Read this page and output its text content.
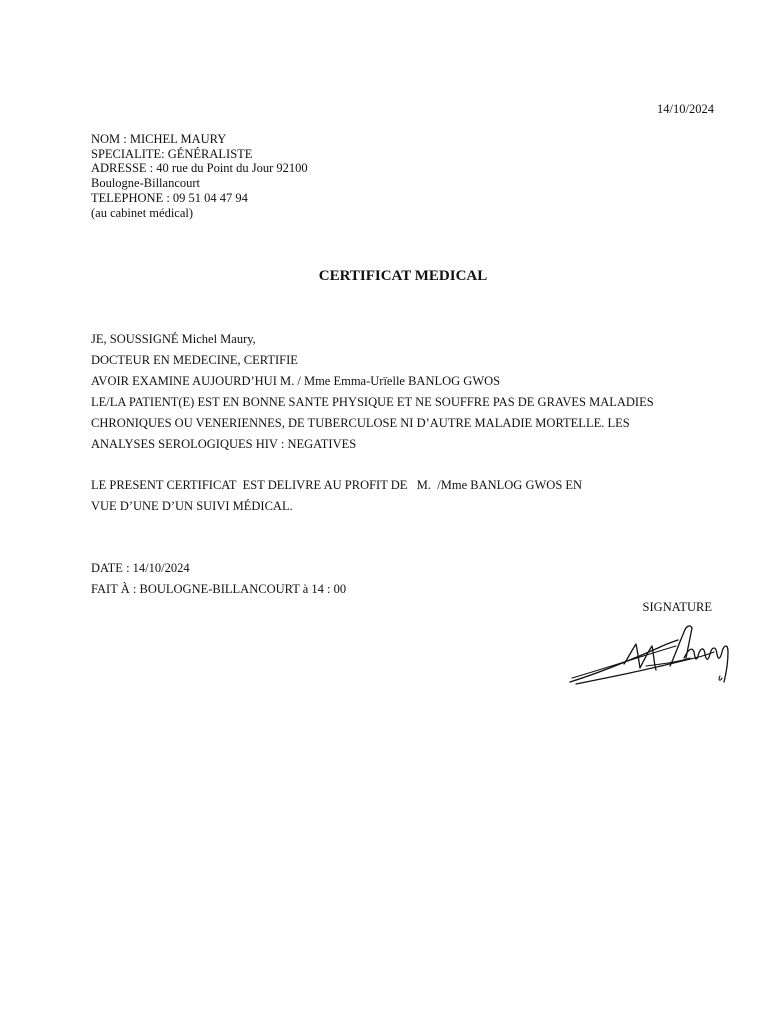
14/10/2024
NOM : MICHEL MAURY
SPECIALITE: GÉNÉRALISTE
ADRESSE : 40 rue du Point du Jour 92100
Boulogne-Billancourt
TELEPHONE : 09 51 04 47 94
(au cabinet médical)
CERTIFICAT MEDICAL
JE, SOUSSIGNÉ Michel Maury,
DOCTEUR EN MEDECINE, CERTIFIE
AVOIR EXAMINE AUJOURD’HUI M. / Mme Emma-Urïelle BANLOG GWOS
LE/LA PATIENT(E) EST EN BONNE SANTE PHYSIQUE ET NE SOUFFRE PAS DE GRAVES MALADIES
CHRONIQUES OU VENERIENNES, DE TUBERCULOSE NI D’AUTRE MALADIE MORTELLE. LES
ANALYSES SEROLOGIQUES HIV : NEGATIVES
LE PRESENT CERTIFICAT  EST DELIVRE AU PROFIT DE   M.  /Mme BANLOG GWOS EN
VUE D’UNE D’UN SUIVI MÉDICAL.
DATE : 14/10/2024
FAIT À : BOULOGNE-BILLANCOURT à 14 : 00
SIGNATURE
